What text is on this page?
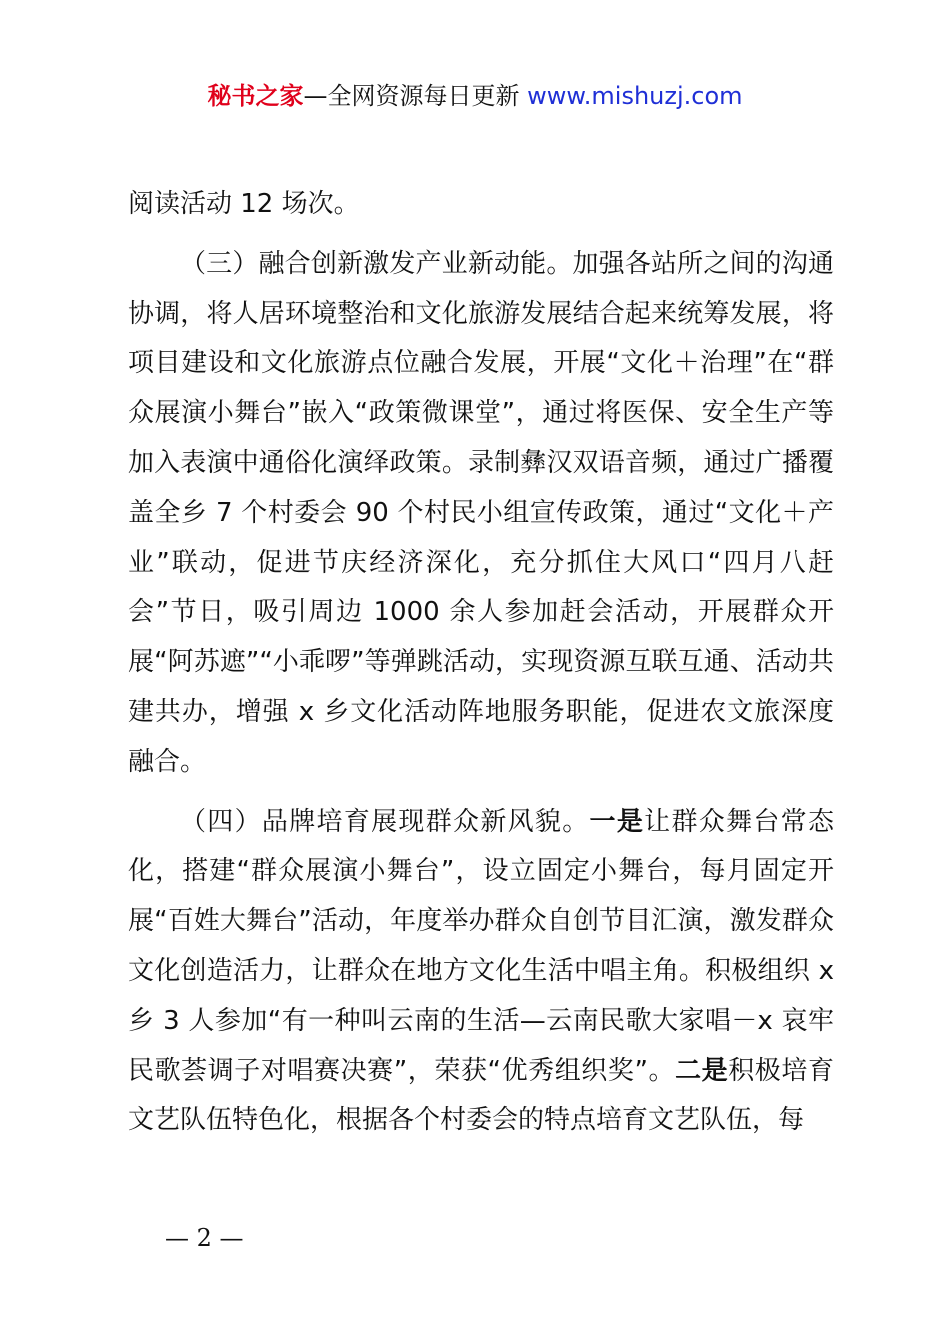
秘书之家—全网资源每日更新 www.mishuzj.com

阅读活动 12 场次。

（三）融合创新激发产业新动能。加强各站所之间的沟通协调，将人居环境整治和文化旅游发展结合起来统筹发展，将项目建设和文化旅游点位融合发展，开展“文化＋治理”在“群众展演小舞台”嵌入“政策微课堂”，通过将医保、安全生产等加入表演中通俗化演绎政策。录制彝汉双语音频，通过广播覆盖全乡 7 个村委会 90 个村民小组宣传政策，通过“文化＋产业”联动，促进节庆经济深化，充分抓住大风口“四月八赶会”节日，吸引周边 1000 余人参加赶会活动，开展群众开展“阿苏遮”“小乖啰”等弹跳活动，实现资源互联互通、活动共建共办，增强 x 乡文化活动阵地服务职能，促进农文旅深度融合。

（四）品牌培育展现群众新风貌。一是让群众舞台常态化，搭建“群众展演小舞台”，设立固定小舞台，每月固定开展“百姓大舞台”活动，年度举办群众自创节目汇演，激发群众文化创造活力，让群众在地方文化生活中唱主角。积极组织 x 乡 3 人参加“有一种叫云南的生活—云南民歌大家唱－x 哀牢民歌荟调子对唱赛决赛”，荣获“优秀组织奖”。二是积极培育文艺队伍特色化，根据各个村委会的特点培育文艺队伍，每

— 2 —
